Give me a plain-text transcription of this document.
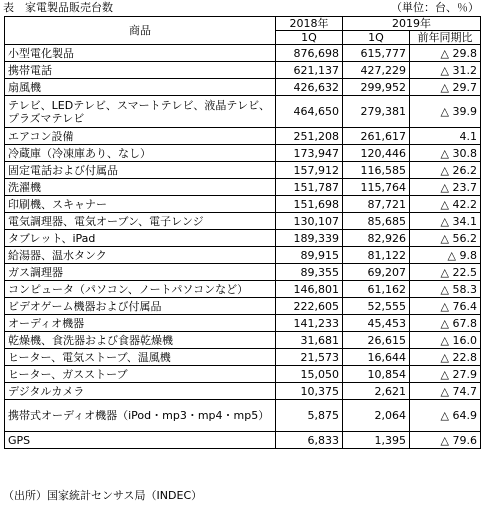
表　家電製品販売台数	（単位：台、％）
商品	2018年	2019年	
	1Q	1Q	前年同期比
小型電化製品	876,698	615,777	△ 29.8
携帯電話	621,137	427,229	△ 31.2
扇風機	426,632	299,952	△ 29.7
テレビ、LEDテレビ、スマートテレビ、液晶テレビ、プラズマテレビ	464,650	279,381	△ 39.9
エアコン設備	251,208	261,617	4.1
冷蔵庫（冷凍庫あり、なし）	173,947	120,446	△ 30.8
固定電話および付属品	157,912	116,585	△ 26.2
洗濯機	151,787	115,764	△ 23.7
印刷機、スキャナー	151,698	87,721	△ 42.2
電気調理器、電気オーブン、電子レンジ	130,107	85,685	△ 34.1
タブレット、iPad	189,339	82,926	△ 56.2
給湯器、温水タンク	89,915	81,122	△ 9.8
ガス調理器	89,355	69,207	△ 22.5
コンピュータ（パソコン、ノートパソコンなど）	146,801	61,162	△ 58.3
ビデオゲーム機器および付属品	222,605	52,555	△ 76.4
オーディオ機器	141,233	45,453	△ 67.8
乾燥機、食洗器および食器乾燥機	31,681	26,615	△ 16.0
ヒーター、電気ストーブ、温風機	21,573	16,644	△ 22.8
ヒーター、ガスストーブ	15,050	10,854	△ 27.9
デジタルカメラ	10,375	2,621	△ 74.7
携帯式オーディオ機器（iPod・mp3・mp4・mp5）	5,875	2,064	△ 64.9
GPS	6,833	1,395	△ 79.6
（出所）国家統計センサス局（INDEC）
